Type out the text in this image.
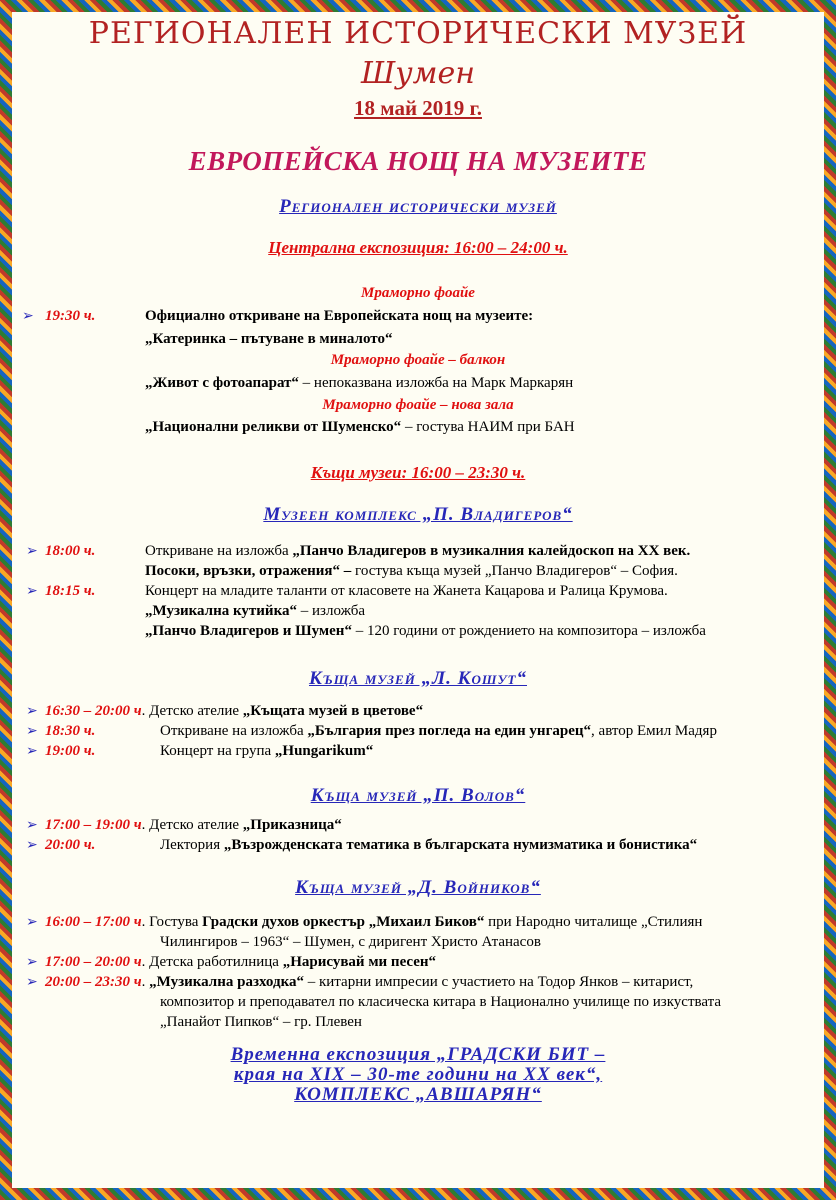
РЕГИОНАЛЕН ИСТОРИЧЕСКИ МУЗЕЙ
Шумен
18 май 2019 г.
ЕВРОПЕЙСКА НОЩ НА МУЗЕИТЕ
Регионален исторически музей
Централна експозиция: 16:00 – 24:00 ч.
Мраморно фоайе
➢ 19:30 ч.	Официално откриване на Европейската нощ на музеите:
„Катеринка – пътуване в миналото“
Мраморно фоайе – балкон
„Живот с фотоапарат“ – непоказвана изложба на Марк Маркарян
Мраморно фоайе – нова зала
„Национални реликви от Шуменско“ – гостува НАИМ при БАН
Къщи музеи: 16:00 – 23:30 ч.
Музеен комплекс „П. Владигеров“
➢ 18:00 ч.	Откриване на изложба „Панчо Владигеров в музикалния калейдоскоп на XX век.
Посоки, връзки, отражения“ – гостува къща музей „Панчо Владигеров“ – София.
➢ 18:15 ч.	Концерт на младите таланти от класовете на Жанета Кацарова и Ралица Крумова.
„Музикална кутийка“ – изложба
„Панчо Владигеров и Шумен“ – 120 години от рождението на композитора – изложба
Къща музей „Л. Кошут“
➢ 16:30 – 20:00 ч. Детско ателие „Къщата музей в цветове“
➢ 18:30 ч.	Откриване на изложба „България през погледа на един унгарец“, автор Емил Мадяр
➢ 19:00 ч.	Концерт на група „Hungarikum“
Къща музей „П. Волов“
➢ 17:00 – 19:00 ч. Детско ателие „Приказница“
➢ 20:00 ч.	Лектория „Възрожденската тематика в българската нумизматика и бонистика“
Къща музей „Д. Войников“
➢ 16:00 – 17:00 ч. Гостува Градски духов оркестър „Михаил Биков“ при Народно читалище „Стилиян
Чилингиров – 1963“ – Шумен, с диригент Христо Атанасов
➢ 17:00 – 20:00 ч. Детска работилница „Нарисувай ми песен“
➢ 20:00 – 23:30 ч. „Музикална разходка“ – китарни импресии с участието на Тодор Янков – китарист,
композитор и преподавател по класическа китара в Национално училище по изкуствата
„Панайот Пипков“ – гр. Плевен
Временна експозиция „ГРАДСКИ БИТ –
края на XIX – 30-те години на XX век“,
КОМПЛЕКС „АВШАРЯН“
